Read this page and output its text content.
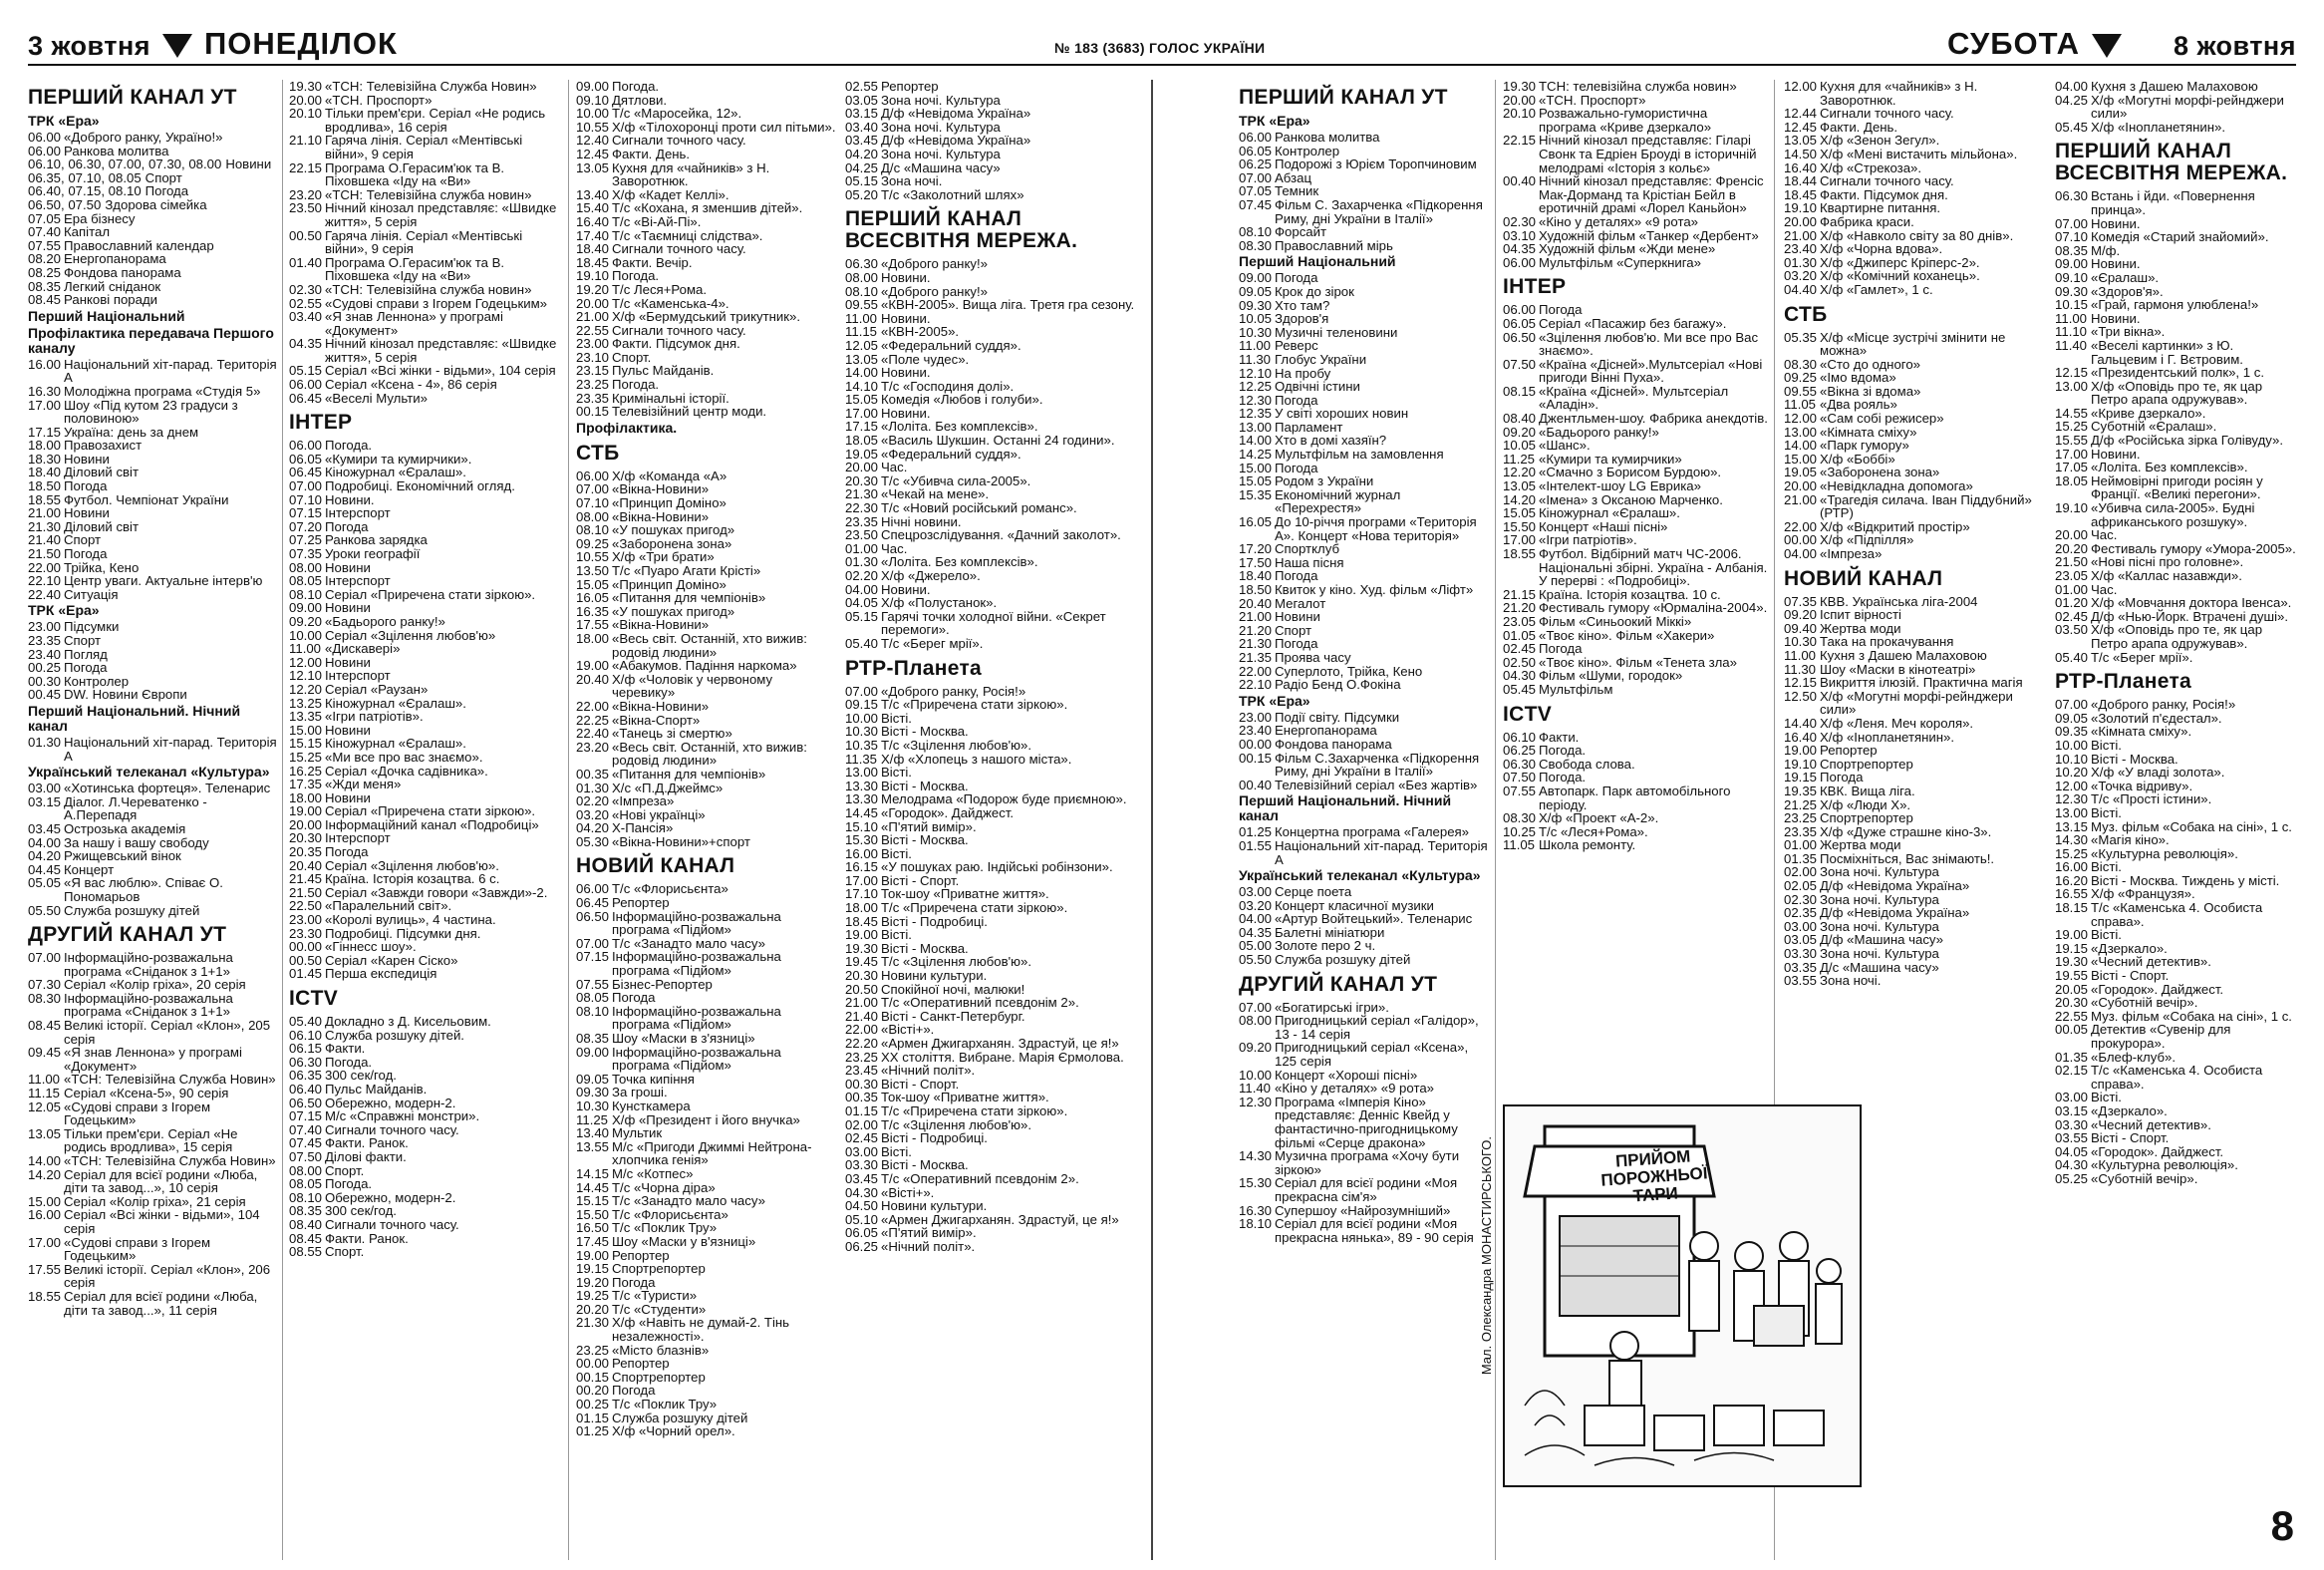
3 жовтня ПОНЕДІЛОК	№ 183 (3683) ГОЛОС УКРАЇНИ	СУБОТА	8 жовтня
ПЕРШИЙ КАНАЛ УТ
ТРК «Ера»
06.00 «Доброго ранку, Україно!»
06.00 Ранкова молитва
06.10, 06.30, 07.00, 07.30, 08.00 Новини
06.35, 07.10, 08.05 Спорт
06.40, 07.15, 08.10 Погода
06.50, 07.50 Здорова сімейка
07.05 Ера бізнесу
07.40 Капітал
07.55 Православний календар
08.20 Енергопанорама
08.25 Фондова панорама
08.35 Легкий сніданок
08.45 Ранкові поради
Перший Національний
Профілактика передавача Першого каналу
16.00 Національний хіт-парад. Територія А
16.30 Молодіжна програма «Студія 5»
17.00 Шоу «Під кутом 23 градуси з половиною»
17.15 Україна: день за днем
18.00 Правозахист
18.30 Новини
18.40 Діловий світ
18.50 Погода
18.55 Футбол. Чемпіонат України
21.00 Новини
21.30 Діловий світ
21.40 Спорт
21.50 Погода
22.00 Трійка, Кено
22.10 Центр уваги. Актуальне інтерв'ю
22.40 Ситуація
ТРК «Ера»
23.00 Підсумки
23.35 Спорт
23.40 Погляд
00.25 Погода
00.30 Контролер
00.45 DW. Новини Європи
Перший Національний. Нічний канал
01.30 Національний хіт-парад. Територія А
Український телеканал «Культура»
03.00 «Хотинська фортеця». Теленарис
03.15 Діалог. Л.Череватенко - А.Перепадя
03.45 Острозька академія
04.00 За нашу і вашу свободу
04.20 Ржищевський вінок
04.45 Концерт
05.05 «Я вас люблю». Співає О. Пономарьов
05.50 Служба розшуку дітей
ДРУГИЙ КАНАЛ УТ
07.00 Інформаційно-розважальна програма «Сніданок з 1+1»
07.30 Серіал «Колір гріха», 20 серія
08.30 Інформаційно-розважальна програма «Сніданок з 1+1»
08.45 Великі історії. Серіал «Клон», 205 серія
09.45 «Я знав Леннона» у програмі «Документ»
11.00 «ТСН: Телевізійна Служба Новин»
11.15 Серіал «Ксена-5», 90 серія
12.05 «Судові справи з Ігорем Годецьким»
13.05 Тільки прем'єри. Серіал «Не родись вродлива», 15 серія
14.00 «ТСН: Телевізійна Служба Новин»
14.20 Серіал для всієї родини «Люба, діти та завод...», 10 серія
15.00 Серіал «Колір гріха», 21 серія
16.00 Серіал «Всі жінки - відьми», 104 серія
17.00 «Судові справи з Ігорем Годецьким»
17.55 Великі історії. Серіал «Клон», 206 серія
18.55 Серіал для всієї родини «Люба, діти та завод...», 11 серія
19.30 «ТСН: Телевізійна Служба Новин»
20.00 «ТСН. Проспорт»
20.10 Тільки прем'єри. Серіал «Не родись вродлива», 16 серія
21.10 Гаряча лінія. Серіал «Ментівські війни», 9 серія
22.15 Програма О.Герасим'юк та В. Піховшека «Іду на «Ви»
23.20 «ТСН: Телевізійна служба новин»
23.50 Нічний кінозал представляє: «Швидке життя», 5 серія
00.50 Гаряча лінія. Серіал «Ментівські війни», 9 серія
01.40 Програма О.Герасим'юк та В. Піховшека «Іду на «Ви»
02.30 «ТСН: Телевізійна служба новин»
02.55 «Судові справи з Ігорем Годецьким»
03.40 «Я знав Леннона» у програмі «Документ»
04.35 Нічний кінозал представляє: «Швидке життя», 5 серія
05.15 Серіал «Всі жінки - відьми», 104 серія
06.00 Серіал «Ксена - 4», 86 серія
06.45 «Веселі Мульти»
ІНТЕР
06.00 Погода.
06.05 «Кумири та кумирчики».
06.45 Кіножурнал «Єралаш».
07.00 Подробиці. Економічний огляд.
07.10 Новини.
07.15 Інтерспорт
07.20 Погода
07.25 Ранкова зарядка
07.35 Уроки географії
08.00 Новини
08.05 Інтерспорт
08.10 Серіал «Приречена стати зіркою».
09.00 Новини
09.20 «Бадьорого ранку!»
10.00 Серіал «Зцілення любов'ю»
11.00 «Дискавері»
12.00 Новини
12.10 Інтерспорт
12.20 Серіал «Раузан»
13.25 Кіножурнал «Єралаш».
13.35 «Ігри патріотів».
15.00 Новини
15.15 Кіножурнал «Єралаш».
15.25 «Ми все про вас знаємо».
16.25 Серіал «Дочка садівника».
17.35 «Жди меня»
18.00 Новини
19.00 Серіал «Приречена стати зіркою».
20.00 Інформаційний канал «Подробиці»
20.30 Інтерспорт
20.35 Погода
20.40 Серіал «Зцілення любов'ю».
21.45 Країна. Історія козацтва. 6 с.
21.50 Серіал «Завжди говори «Завжди»-2.
22.50 «Паралельний світ».
23.00 «Королі вулиць», 4 частина.
23.30 Подробиці. Підсумки дня.
00.00 «Гіннесс шоу».
00.50 Серіал «Карен Сіско»
01.45 Перша експедиція
ICTV
05.40 Докладно з Д. Кисельовим.
06.10 Служба розшуку дітей.
06.15 Факти.
06.30 Погода.
06.35 300 сек/год.
06.40 Пульс Майданів.
06.50 Обережно, модерн-2.
07.15 М/с «Справжні монстри».
07.40 Сигнали точного часу.
07.45 Факти. Ранок.
07.50 Ділові факти.
08.00 Спорт.
08.05 Погода.
08.10 Обережно, модерн-2.
08.35 300 сек/год.
08.40 Сигнали точного часу.
08.45 Факти. Ранок.
08.55 Спорт.
09.00 Погода.
09.10 Дятлови.
10.00 Т/с «Маросейка, 12».
10.55 Х/ф «Тілохоронці проти сил пітьми».
12.40 Сигнали точного часу.
12.45 Факти. День.
13.05 Кухня для «чайників» з Н. Заворотнюк.
13.40 Х/ф «Кадет Келлі».
15.40 Т/с «Кохана, я зменшив дітей».
16.40 Т/с «Ві-Ай-Пі».
17.40 Т/с «Таємниці слідства».
18.40 Сигнали точного часу.
18.45 Факти. Вечір.
19.10 Погода.
19.20 Т/с Леся+Рома.
20.00 Т/с «Каменська-4».
21.00 Х/ф «Бермудський трикутник».
22.55 Сигнали точного часу.
23.00 Факти. Підсумок дня.
23.10 Спорт.
23.15 Пульс Майданів.
23.25 Погода.
23.35 Кримінальні історії.
00.15 Телевізійний центр моди.
Профілактика.
СТБ
06.00 Х/ф «Команда «А»
07.00 «Вікна-Новини»
07.10 «Принцип Доміно»
08.00 «Вікна-Новини»
08.10 «У пошуках пригод»
09.25 «Заборонена зона»
10.55 Х/ф «Три брати»
13.50 Т/с «Пуаро Агати Крісті»
15.05 «Принцип Доміно»
16.05 «Питання для чемпіонів»
16.35 «У пошуках пригод»
17.55 «Вікна-Новини»
18.00 «Весь світ. Останній, хто вижив: родовід людини»
19.00 «Абакумов. Падіння наркома»
20.40 Х/ф «Чоловік у червоному черевику»
22.00 «Вікна-Новини»
22.25 «Вікна-Спорт»
22.40 «Танець зі смертю»
23.20 «Весь світ. Останній, хто вижив: родовід людини»
00.35 «Питання для чемпіонів»
01.30 Х/с «П.Д.Джеймс»
02.20 «Імпреза»
03.20 «Нові українці»
04.20 Х-Пансія»
05.30 «Вікна-Новини»+спорт
НОВИЙ КАНАЛ
06.00 Т/с «Флорисьєнта»
06.45 Репортер
06.50 Інформаційно-розважальна програма «Підйом»
07.00 Т/с «Занадто мало часу»
07.15 Інформаційно-розважальна програма «Підйом»
07.55 Бізнес-Репортер
08.05 Погода
08.10 Інформаційно-розважальна програма «Підйом»
08.35 Шоу «Маски в з'язниці»
09.00 Інформаційно-розважальна програма «Підйом»
09.05 Точка кипіння
09.30 За гроші.
10.30 Кунсткамера
11.25 Х/ф «Президент і його внучка»
13.40 Мультик
13.55 М/с «Пригоди Джиммі Нейтрона-хлопчика генія»
14.15 М/с «Котпес»
14.45 Т/с «Чорна діра»
15.15 Т/с «Занадто мало часу»
15.50 Т/с «Флорисьєнта»
16.50 Т/с «Поклик Тру»
17.45 Шоу «Маски у в'язниці»
19.00 Репортер
19.15 Спортрепортер
19.20 Погода
19.25 Т/с «Туристи»
20.20 Т/с «Студенти»
21.30 Х/ф «Навіть не думай-2. Тінь незалежності».
23.25 «Місто блазнів»
00.00 Репортер
00.15 Спортрепортер
00.20 Погода
00.25 Т/с «Поклик Тру»
01.15 Служба розшуку дітей
01.25 Х/ф «Чорний орел».
02.55 Репортер
03.05 Зона ночі. Культура
03.15 Д/ф «Невідома Україна»
03.40 Зона ночі. Культура
03.45 Д/ф «Невідома Україна»
04.20 Зона ночі. Культура
04.25 Д/с «Машина часу»
05.15 Зона ночі.
05.20 Т/с «Заколотний шлях»
ПЕРШИЙ КАНАЛ ВСЕСВІТНЯ МЕРЕЖА.
06.30 «Доброго ранку!»
08.00 Новини.
08.10 «Доброго ранку!»
09.55 «КВН-2005». Вища ліга. Третя гра сезону.
11.00 Новини.
11.15 «КВН-2005».
12.05 «Федеральний суддя».
13.05 «Поле чудес».
14.00 Новини.
14.10 Т/с «Господиня долі».
15.05 Комедія «Любов і голуби».
17.00 Новини.
17.15 «Лоліта. Без комплексів».
18.05 «Василь Шукшин. Останні 24 години».
19.05 «Федеральний суддя».
20.00 Час.
20.30 Т/с «Убивча сила-2005».
21.30 «Чекай на мене».
22.30 Т/с «Новий російський романс».
23.35 Нічні новини.
23.50 Спецрозслідування. «Дачний заколот».
01.00 Час.
01.30 «Лоліта. Без комплексів».
02.20 Х/ф «Джерело».
04.00 Новини.
04.05 Х/ф «Полустанок».
05.15 Гарячі точки холодної війни. «Секрет перемоги».
05.40 Т/с «Берег мрії».
РТР-Планета
07.00 «Доброго ранку, Росія!»
09.15 Т/с «Приречена стати зіркою».
10.00 Вісті.
10.30 Вісті - Москва.
10.35 Т/с «Зцілення любов'ю».
11.35 Х/ф «Хлопець з нашого міста».
13.00 Вісті.
13.30 Вісті - Москва.
13.30 Мелодрама «Подорож буде приємною».
14.45 «Городок». Дайджест.
15.10 «П'ятий вимір».
15.30 Вісті - Москва.
16.00 Вісті.
16.15 «У пошуках раю. Індійські робінзони».
17.00 Вісті - Спорт.
17.10 Ток-шоу «Приватне життя».
18.00 Т/с «Приречена стати зіркою».
18.45 Вісті - Подробиці.
19.00 Вісті.
19.30 Вісті - Москва.
19.45 Т/с «Зцілення любов'ю».
20.30 Новини культури.
20.50 Спокійної ночі, малюки!
21.00 Т/с «Оперативний псевдонім 2».
21.40 Вісті - Санкт-Петербург.
22.00 «Вісті+».
22.20 «Армен Джигарханян. Здрастуй, це я!»
23.25 ХХ століття. Вибране. Марія Єрмолова.
23.45 «Нічний політ».
00.30 Вісті - Спорт.
00.35 Ток-шоу «Приватне життя».
01.15 Т/с «Приречена стати зіркою».
02.00 Т/с «Зцілення любов'ю».
02.45 Вісті - Подробиці.
03.00 Вісті.
03.30 Вісті - Москва.
03.45 Т/с «Оперативний псевдонім 2».
04.30 «Вісті+».
04.50 Новини культури.
05.10 «Армен Джигарханян. Здрастуй, це я!»
06.05 «П'ятий вимір».
06.25 «Нічний політ».
ПЕРШИЙ КАНАЛ УТ
ТРК «Ера»
06.00 Ранкова молитва
06.05 Контролер
06.25 Подорожі з Юрієм Торопчиновим
07.00 Абзац
07.05 Темник
07.45 Фільм С. Захарченка «Підкорення Риму, дні України в Італії»
08.10 Форсайт
08.30 Православний мірь
Перший Національний
09.00 Погода
09.05 Крок до зірок
09.30 Хто там?
10.05 Здоров'я
10.30 Музичні теленовини
11.00 Реверс
11.30 Глобус України
12.10 На пробу
12.25 Одвічні істини
12.30 Погода
12.35 У світі хороших новин
13.00 Парламент
14.00 Хто в домі хазяїн?
14.25 Мультфільм на замовлення
15.00 Погода
15.05 Родом з України
15.35 Економічний журнал «Перехрестя»
16.05 До 10-річчя програми «Територія А». Концерт «Нова територія»
17.20 Спортклуб
17.50 Наша пісня
18.40 Погода
18.50 Квиток у кіно. Худ. фільм «Ліфт»
20.40 Мегалот
21.00 Новини
21.20 Спорт
21.30 Погода
21.35 Проява часу
22.00 Суперлото, Трійка, Кено
22.10 Радіо Бенд О.Фокіна
ТРК «Ера»
23.00 Події світу. Підсумки
23.40 Енергопанорама
00.00 Фондова панорама
00.15 Фільм С.Захарченка «Підкорення Риму, дні України в Італії»
00.40 Телевізійний серіал «Без жартів»
Перший Національний. Нічний канал
01.25 Концертна програма «Галерея»
01.55 Національний хіт-парад. Територія А
Український телеканал «Культура»
03.00 Серце поета
03.20 Концерт класичної музики
04.00 «Артур Войтецький». Теленарис
04.35 Балетні мініатюри
05.00 Золоте перо 2 ч.
05.50 Служба розшуку дітей
ДРУГИЙ КАНАЛ УТ
07.00 «Богатирські ігри».
08.00 Пригодницький серіал «Галідор», 13 - 14 серія
09.20 Пригодницький серіал «Ксена», 125 серія
10.00 Концерт «Хороші пісні»
11.40 «Кіно у деталях» «9 рота»
12.30 Програма «Імперія Кіно» представляє: Денніс Квейд у фантастично-пригодницькому фільмі «Серце дракона»
14.30 Музична програма «Хочу бути зіркою»
15.30 Серіал для всієї родини «Моя прекрасна сім'я»
16.30 Супершоу «Найрозумніший»
18.10 Серіал для всієї родини «Моя прекрасна нянька», 89 - 90 серія
19.30 ТСН: телевізійна служба новин»
20.00 «ТСН. Проспорт»
20.10 Розважально-гумористична програма «Криве дзеркало»
22.15 Нічний кінозал представляє: Гіларі Свонк та Едріен Броуді в історичній мелодрамі «Історія з кольє»
00.40 Нічний кінозал представляє: Френсіс Мак-Дорманд та Крістіан Бейл в еротичній драмі «Лорел Каньйон»
02.30 «Кіно у деталях» «9 рота»
03.10 Художній фільм «Танкер «Дербент»
04.35 Художній фільм «Жди мене»
06.00 Мультфільм «Суперкнига»
ІНТЕР
06.00 Погода
06.05 Серіал «Пасажир без багажу».
06.50 «Зцілення любов'ю. Ми все про Вас знаємо».
07.50 «Країна «Дісней».Мультсеріал «Нові пригоди Вінні Пуха».
08.15 «Країна «Дісней». Мультсеріал «Аладін».
08.40 Джентльмен-шоу. Фабрика анекдотів.
09.20 «Бадьорого ранку!»
10.05 «Шанс».
11.25 «Кумири та кумирчики»
12.20 «Смачно з Борисом Бурдою».
13.05 «Інтелект-шоу LG Еврика»
14.20 «Імена» з Оксаною Марченко.
15.05 Кіножурнал «Єралаш».
15.50 Концерт «Наші пісні»
17.00 «Ігри патріотів».
18.55 Футбол. Відбірний матч ЧС-2006. Національні збірні. Україна - Албанія. У перерві : «Подробиці».
21.15 Країна. Історія козацтва. 10 с.
21.20 Фестиваль гумору «Юрмаліна-2004».
23.05 Фільм «Синьоокий Міккі»
01.05 «Твоє кіно». Фільм «Хакери»
02.45 Погода
02.50 «Твоє кіно». Фільм «Тенета зла»
04.30 Фільм «Шуми, городок»
05.45 Мультфільм
ICTV
06.10 Факти.
06.25 Погода.
06.30 Свобода слова.
07.50 Погода.
07.55 Автопарк. Парк автомобільного періоду.
08.30 Х/ф «Проект «А-2».
10.25 Т/с «Леся+Рома».
11.05 Школа ремонту.
12.00 Кухня для «чайників» з Н. Заворотнюк.
12.44 Сигнали точного часу.
12.45 Факти. День.
13.05 Х/ф «Зенон Зегул».
14.50 Х/ф «Мені вистачить мільйона».
16.40 Х/ф «Стрекоза».
18.44 Сигнали точного часу.
18.45 Факти. Підсумок дня.
19.10 Квартирне питання.
20.00 Фабрика краси.
21.00 Х/ф «Навколо світу за 80 днів».
23.40 Х/ф «Чорна вдова».
01.30 Х/ф «Джиперс Кріперс-2».
03.20 Х/ф «Комічний коханець».
04.40 Х/ф «Гамлет», 1 с.
СТБ
05.35 Х/ф «Місце зустрічі змінити не можна»
08.30 «Сто до одного»
09.25 «Імо вдома»
09.55 «Вікна зі вдома»
11.05 «Два рояль»
12.00 «Сам собі режисер»
13.00 «Кімната сміху»
14.00 «Парк гумору»
15.00 Х/ф «Боббі»
19.05 «Заборонена зона»
20.00 «Невідкладна допомога»
21.00 «Трагедія силача. Іван Піддубний» (РТР)
22.00 Х/ф «Відкритий простір»
00.00 Х/ф «Підпілля»
04.00 «Імпреза»
НОВИЙ КАНАЛ
07.35 КВВ. Українська ліга-2004
09.20 Іспит вірності
09.40 Жертва моди
10.30 Така на прокачування
11.00 Кухня з Дашею Малаховою
11.30 Шоу «Маски в кінотеатрі»
12.15 Викриття ілюзій. Практична магія
12.50 Х/ф «Могутні морфі-рейнджери сили»
14.40 Х/ф «Леня. Меч короля».
16.40 Х/ф «Інопланетянин».
19.00 Репортер
19.10 Спортрепортер
19.15 Погода
19.35 КВК. Вища ліга.
21.25 Х/ф «Люди Х».
23.25 Спортрепортер
23.35 Х/ф «Дуже страшне кіно-3».
01.00 Жертва моди
01.35 Посміхніться, Вас знімають!.
02.00 Зона ночі. Культура
02.05 Д/ф «Невідома Україна»
02.30 Зона ночі. Культура
02.35 Д/ф «Невідома Україна»
03.00 Зона ночі. Культура
03.05 Д/ф «Машина часу»
03.30 Зона ночі. Культура
03.35 Д/с «Машина часу»
03.55 Зона ночі.
04.00 Кухня з Дашею Малаховою
04.25 Х/ф «Могутні морфі-рейнджери сили»
05.45 Х/ф «Інопланетянин».
ПЕРШИЙ КАНАЛ ВСЕСВІТНЯ МЕРЕЖА.
06.30 Встань і йди. «Повернення принца».
07.00 Новини.
07.10 Комедія «Старий знайомий».
08.35 М/ф.
09.00 Новини.
09.10 «Єралаш».
09.30 «Здоров'я».
10.15 «Грай, гармоня улюблена!»
11.00 Новини.
11.10 «Три вікна».
11.40 «Веселі картинки» з Ю. Гальцевим і Г. Вєтровим.
12.15 «Президентський полк», 1 с.
13.00 Х/ф «Оповідь про те, як цар Петро арапа одружував».
14.55 «Криве дзеркало».
15.25 Суботній «Єралаш».
15.55 Д/ф «Російська зірка Голівуду».
17.00 Новини.
17.05 «Лоліта. Без комплексів».
18.05 Неймовірні пригоди росіян у Франції. «Великі перегони».
19.10 «Убивча сила-2005». Будні африканського розшуку».
20.00 Час.
20.20 Фестиваль гумору «Умора-2005».
21.50 «Нові пісні про головне».
23.05 Х/ф «Каллас назавжди».
01.00 Час.
01.20 Х/ф «Мовчання доктора Івенса».
02.45 Д/ф «Нью-Йорк. Втрачені душі».
03.50 Х/ф «Оповідь про те, як цар Петро арапа одружував».
05.40 Т/с «Берег мрії».
РТР-Планета
07.00 «Доброго ранку, Росія!»
09.05 «Золотий п'єдестал».
09.35 «Кімната сміху».
10.00 Вісті.
10.10 Вісті - Москва.
10.20 Х/ф «У владі золота».
12.00 «Точка відриву».
12.30 Т/с «Прості істини».
13.00 Вісті.
13.15 Муз. фільм «Собака на сіні», 1 с.
14.30 «Магія кіно».
15.25 «Культурна революція».
16.00 Вісті.
16.20 Вісті - Москва. Тиждень у місті.
16.55 Х/ф «Французя».
18.15 Т/с «Каменська 4. Особиста справа».
19.00 Вісті.
19.15 «Дзеркало».
19.30 «Чесний детектив».
19.55 Вісті - Спорт.
20.05 «Городок». Дайджест.
20.30 «Суботній вечір».
22.55 Муз. фільм «Собака на сіні», 1 с.
00.05 Детектив «Сувенір для прокурора».
01.35 «Блеф-клуб».
02.15 Т/с «Каменська 4. Особиста справа».
03.00 Вісті.
03.15 «Дзеркало».
03.30 «Чесний детектив».
03.55 Вісті - Спорт.
04.05 «Городок». Дайджест.
04.30 «Культурна революція».
05.25 «Суботній вечір».
Мал. Олександра МОНАСТИРСЬКОГО.	ПРИЙОМ ПОРОЖНЬОЇ ТАРИ
8
